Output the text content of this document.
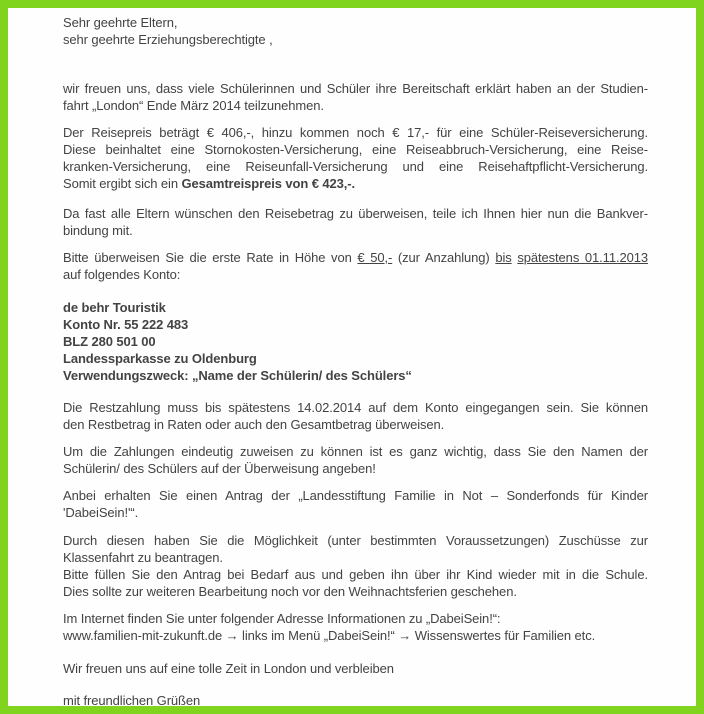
Sehr geehrte Eltern,
sehr geehrte Erziehungsberechtigte ,
wir freuen uns, dass viele Schülerinnen und Schüler ihre Bereitschaft erklärt haben an der Studien-
fahrt „London“ Ende März 2014 teilzunehmen.
Der Reisepreis beträgt € 406,-, hinzu kommen noch € 17,- für eine Schüler-Reiseversicherung.
Diese beinhaltet eine Stornokosten-Versicherung, eine Reiseabbruch-Versicherung, eine Reise-
kranken-Versicherung, eine Reiseunfall-Versicherung und eine Reisehaftpflicht-Versicherung.
Somit ergibt sich ein Gesamtreispreis von € 423,-.
Da fast alle Eltern wünschen den Reisebetrag zu überweisen, teile ich Ihnen hier nun die Bankver-
bindung mit.
Bitte überweisen Sie die erste Rate in Höhe von € 50,- (zur Anzahlung) bis spätestens 01.11.2013
auf folgendes Konto:
de behr Touristik
Konto Nr. 55 222 483
BLZ 280 501 00
Landessparkasse zu Oldenburg
Verwendungszweck: „Name der Schülerin/ des Schülers“
Die Restzahlung muss bis spätestens 14.02.2014 auf dem Konto eingegangen sein. Sie können
den Restbetrag in Raten oder auch den Gesamtbetrag überweisen.
Um die Zahlungen eindeutig zuweisen zu können ist es ganz wichtig, dass Sie den Namen der
Schülerin/ des Schülers auf der Überweisung angeben!
Anbei erhalten Sie einen Antrag der „Landesstiftung Familie in Not – Sonderfonds für Kinder
'DabeiSein!'“.
Durch diesen haben Sie die Möglichkeit (unter bestimmten Voraussetzungen) Zuschüsse zur
Klassenfahrt zu beantragen.
Bitte füllen Sie den Antrag bei Bedarf aus und geben ihn über ihr Kind wieder mit in die Schule.
Dies sollte zur weiteren Bearbeitung noch vor den Weihnachtsferien geschehen.
Im Internet finden Sie unter folgender Adresse Informationen zu „DabeiSein!“:
www.familien-mit-zukunft.de → links im Menü „DabeiSein!“ → Wissenswertes für Familien etc.
Wir freuen uns auf eine tolle Zeit in London und verbleiben
mit freundlichen Grüßen
